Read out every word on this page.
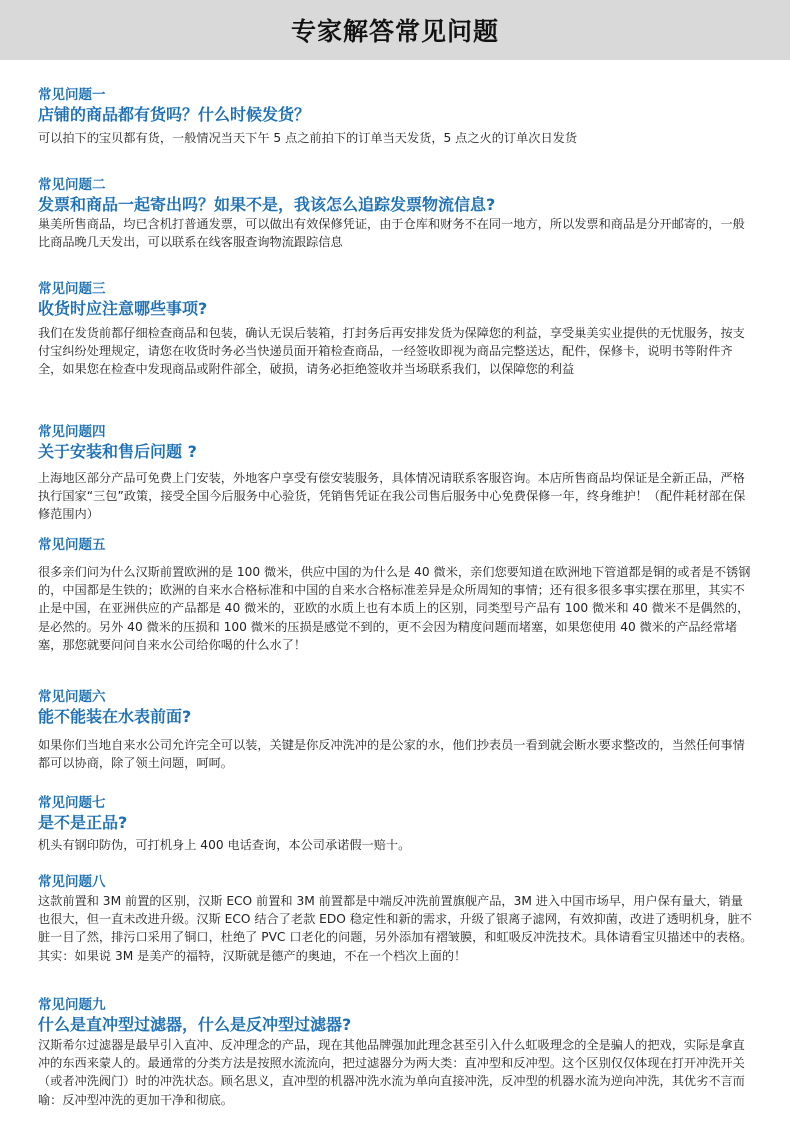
专家解答常见问题
常见问题一
店铺的商品都有货吗？什么时候发货？
可以拍下的宝贝都有货，一般情况当天下午 5 点之前拍下的订单当天发货，5 点之火的订单次日发货
常见问题二
发票和商品一起寄出吗？如果不是，我该怎么追踪发票物流信息?
巢美所售商品，均已含机打普通发票，可以做出有效保修凭证，由于仓库和财务不在同一地方，所以发票和商品是分开邮寄的，一般比商品晚几天发出，可以联系在线客服查询物流跟踪信息
常见问题三
收货时应注意哪些事项?
我们在发货前都仔细检查商品和包装，确认无误后装箱，打封务后再安排发货为保障您的利益，享受巢美实业提供的无忧服务，按支付宝纠纷处理规定，请您在收货时务必当快递员面开箱检查商品，一经签收即视为商品完整送达，配件，保修卡，说明书等附件齐全，如果您在检查中发现商品或附件部全，破损，请务必拒绝签收并当场联系我们，以保障您的利益
常见问题四
关于安装和售后问题 ?
上海地区部分产品可免费上门安装，外地客户享受有偿安装服务，具体情况请联系客服咨询。本店所售商品均保证是全新正品，严格执行国家“三包”政策，接受全国今后服务中心验货，凭销售凭证在我公司售后服务中心免费保修一年，终身维护！（配件耗材部在保修范围内）
常见问题五
很多亲们问为什么汉斯前置欧洲的是 100 微米，供应中国的为什么是 40 微米，亲们您要知道在欧洲地下管道都是铜的或者是不锈钢的，中国都是生铁的；欧洲的自来水合格标准和中国的自来水合格标准差异是众所周知的事情；还有很多很多事实摆在那里，其实不止是中国，在亚洲供应的产品都是 40 微米的，亚欧的水质上也有本质上的区别，同类型号产品有 100 微米和 40 微米不是偶然的，是必然的。另外 40 微米的压损和 100 微米的压损是感觉不到的，更不会因为精度问题而堵塞，如果您使用 40 微米的产品经常堵塞，那您就要问问自来水公司给你喝的什么水了！
常见问题六
能不能装在水表前面?
如果你们当地自来水公司允许完全可以装，关键是你反冲洗冲的是公家的水，他们抄表员一看到就会断水要求整改的，当然任何事情都可以协商，除了领土问题，呵呵。
常见问题七
是不是正品?
机头有钢印防伪，可打机身上 400 电话查询，本公司承诺假一赔十。
常见问题八
这款前置和 3M 前置的区别，汉斯 ECO 前置和 3M 前置都是中端反冲洗前置旗舰产品，3M 进入中国市场早，用户保有量大，销量也很大，但一直未改进升级。汉斯 ECO 结合了老款 EDO 稳定性和新的需求，升级了银离子滤网，有效抑菌，改进了透明机身，脏不脏一目了然，排污口采用了铜口，杜绝了 PVC 口老化的问题，另外添加有褶皱膜，和虹吸反冲洗技术。具体请看宝贝描述中的表格。其实：如果说 3M 是美产的福特，汉斯就是德产的奥迪，不在一个档次上面的！
常见问题九
什么是直冲型过滤器，什么是反冲型过滤器?
汉斯希尔过滤器是最早引入直冲、反冲理念的产品，现在其他品牌强加此理念甚至引入什么虹吸理念的全是骗人的把戏，实际是拿直冲的东西来蒙人的。最通常的分类方法是按照水流流向，把过滤器分为两大类：直冲型和反冲型。这个区别仅仅体现在打开冲洗开关（或者冲洗阀门）时的冲洗状态。顾名思义，直冲型的机器冲洗水流为单向直接冲洗，反冲型的机器水流为逆向冲洗，其优劣不言而喻：反冲型冲洗的更加干净和彻底。
